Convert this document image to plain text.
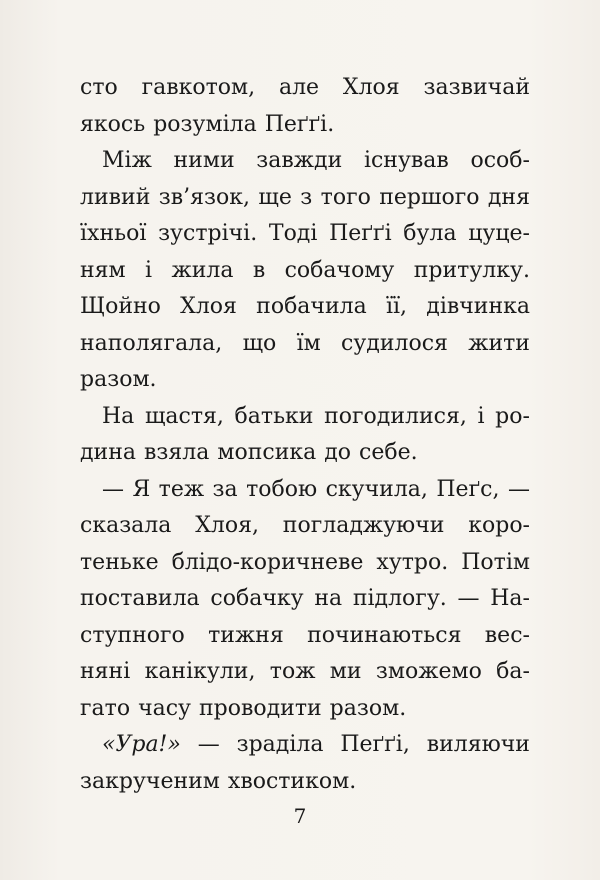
сто гавкотом, але Хлоя зазвичай
якось розуміла Пеґґі.
Між ними завжди існував особ-
ливий зв’язок, ще з того першого дня
їхньої зустрічі. Тоді Пеґґі була цуце-
ням і жила в собачому притулку.
Щойно Хлоя побачила її, дівчинка
наполягала, що їм судилося жити
разом.
На щастя, батьки погодилися, і ро-
дина взяла мопсика до себе.
— Я теж за тобою скучила, Пеґс, —
сказала Хлоя, погладжуючи коро-
теньке блідо-коричневе хутро. Потім
поставила собачку на підлогу. — На-
ступного тижня починаються вес-
няні канікули, тож ми зможемо ба-
гато часу проводити разом.
«Ура!» — зраділа Пеґґі, виляючи
закрученим хвостиком.
7
